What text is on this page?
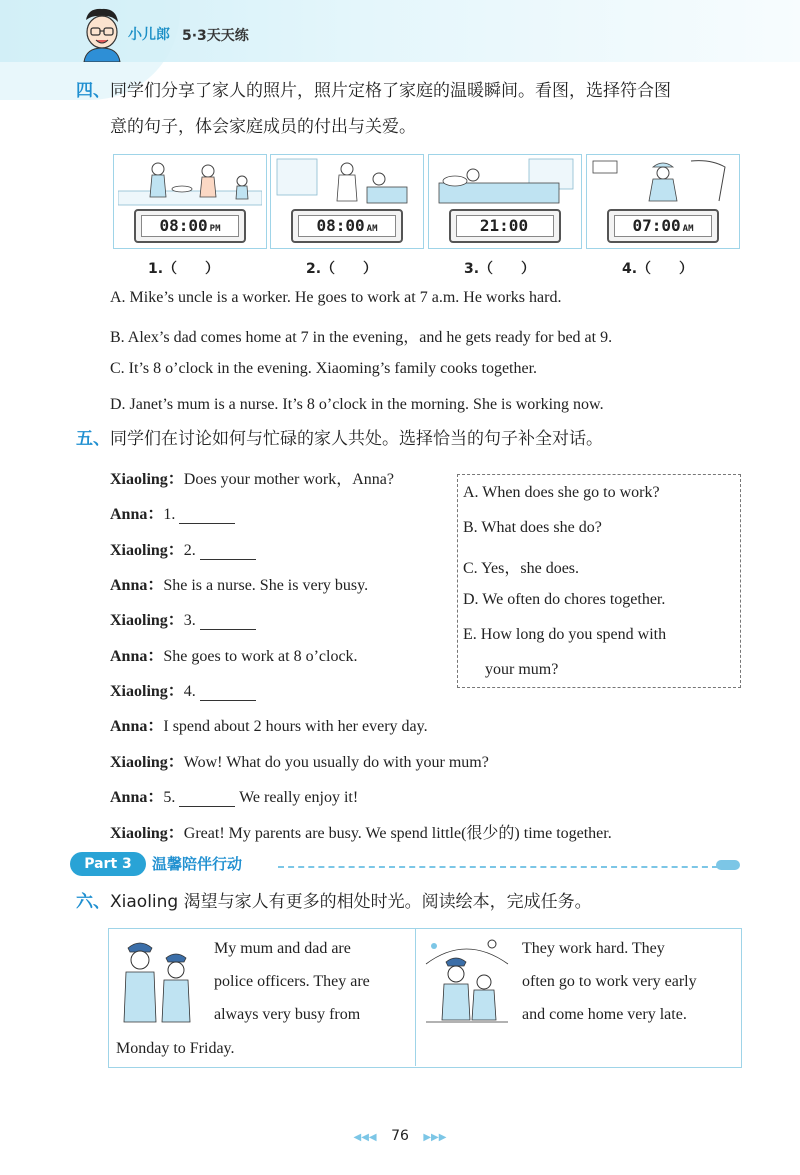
小儿郎 5·3天天练
四、同学们分享了家人的照片，照片定格了家庭的温暖瞬间。看图，选择符合图
意的句子，体会家庭成员的付出与关爱。
08:00 PM	08:00 AM	21:00	07:00 AM
1.（　　）	2.（　　）	3.（　　）	4.（　　）
A. Mike’s uncle is a worker. He goes to work at 7 a.m. He works hard.
B. Alex’s dad comes home at 7 in the evening，and he gets ready for bed at 9.
C. It’s 8 o’clock in the evening. Xiaoming’s family cooks together.
D. Janet’s mum is a nurse. It’s 8 o’clock in the morning. She is working now.
五、同学们在讨论如何与忙碌的家人共处。选择恰当的句子补全对话。
Xiaoling：Does your mother work，Anna?
Anna：1.
Xiaoling：2.
Anna：She is a nurse. She is very busy.
Xiaoling：3.
Anna：She goes to work at 8 o’clock.
Xiaoling：4.
Anna：I spend about 2 hours with her every day.
Xiaoling：Wow! What do you usually do with your mum?
Anna：5.	We really enjoy it!
Xiaoling：Great! My parents are busy. We spend little(很少的) time together.
A. When does she go to work?
B. What does she do?
C. Yes，she does.
D. We often do chores together.
E. How long do you spend with
your mum?
Part 3	温馨陪伴行动
六、Xiaoling 渴望与家人有更多的相处时光。阅读绘本，完成任务。
My mum and dad are
police officers. They are
always very busy from
Monday to Friday.
They work hard. They
often go to work very early
and come home very late.
◀◀◀ 76 ▶▶▶
